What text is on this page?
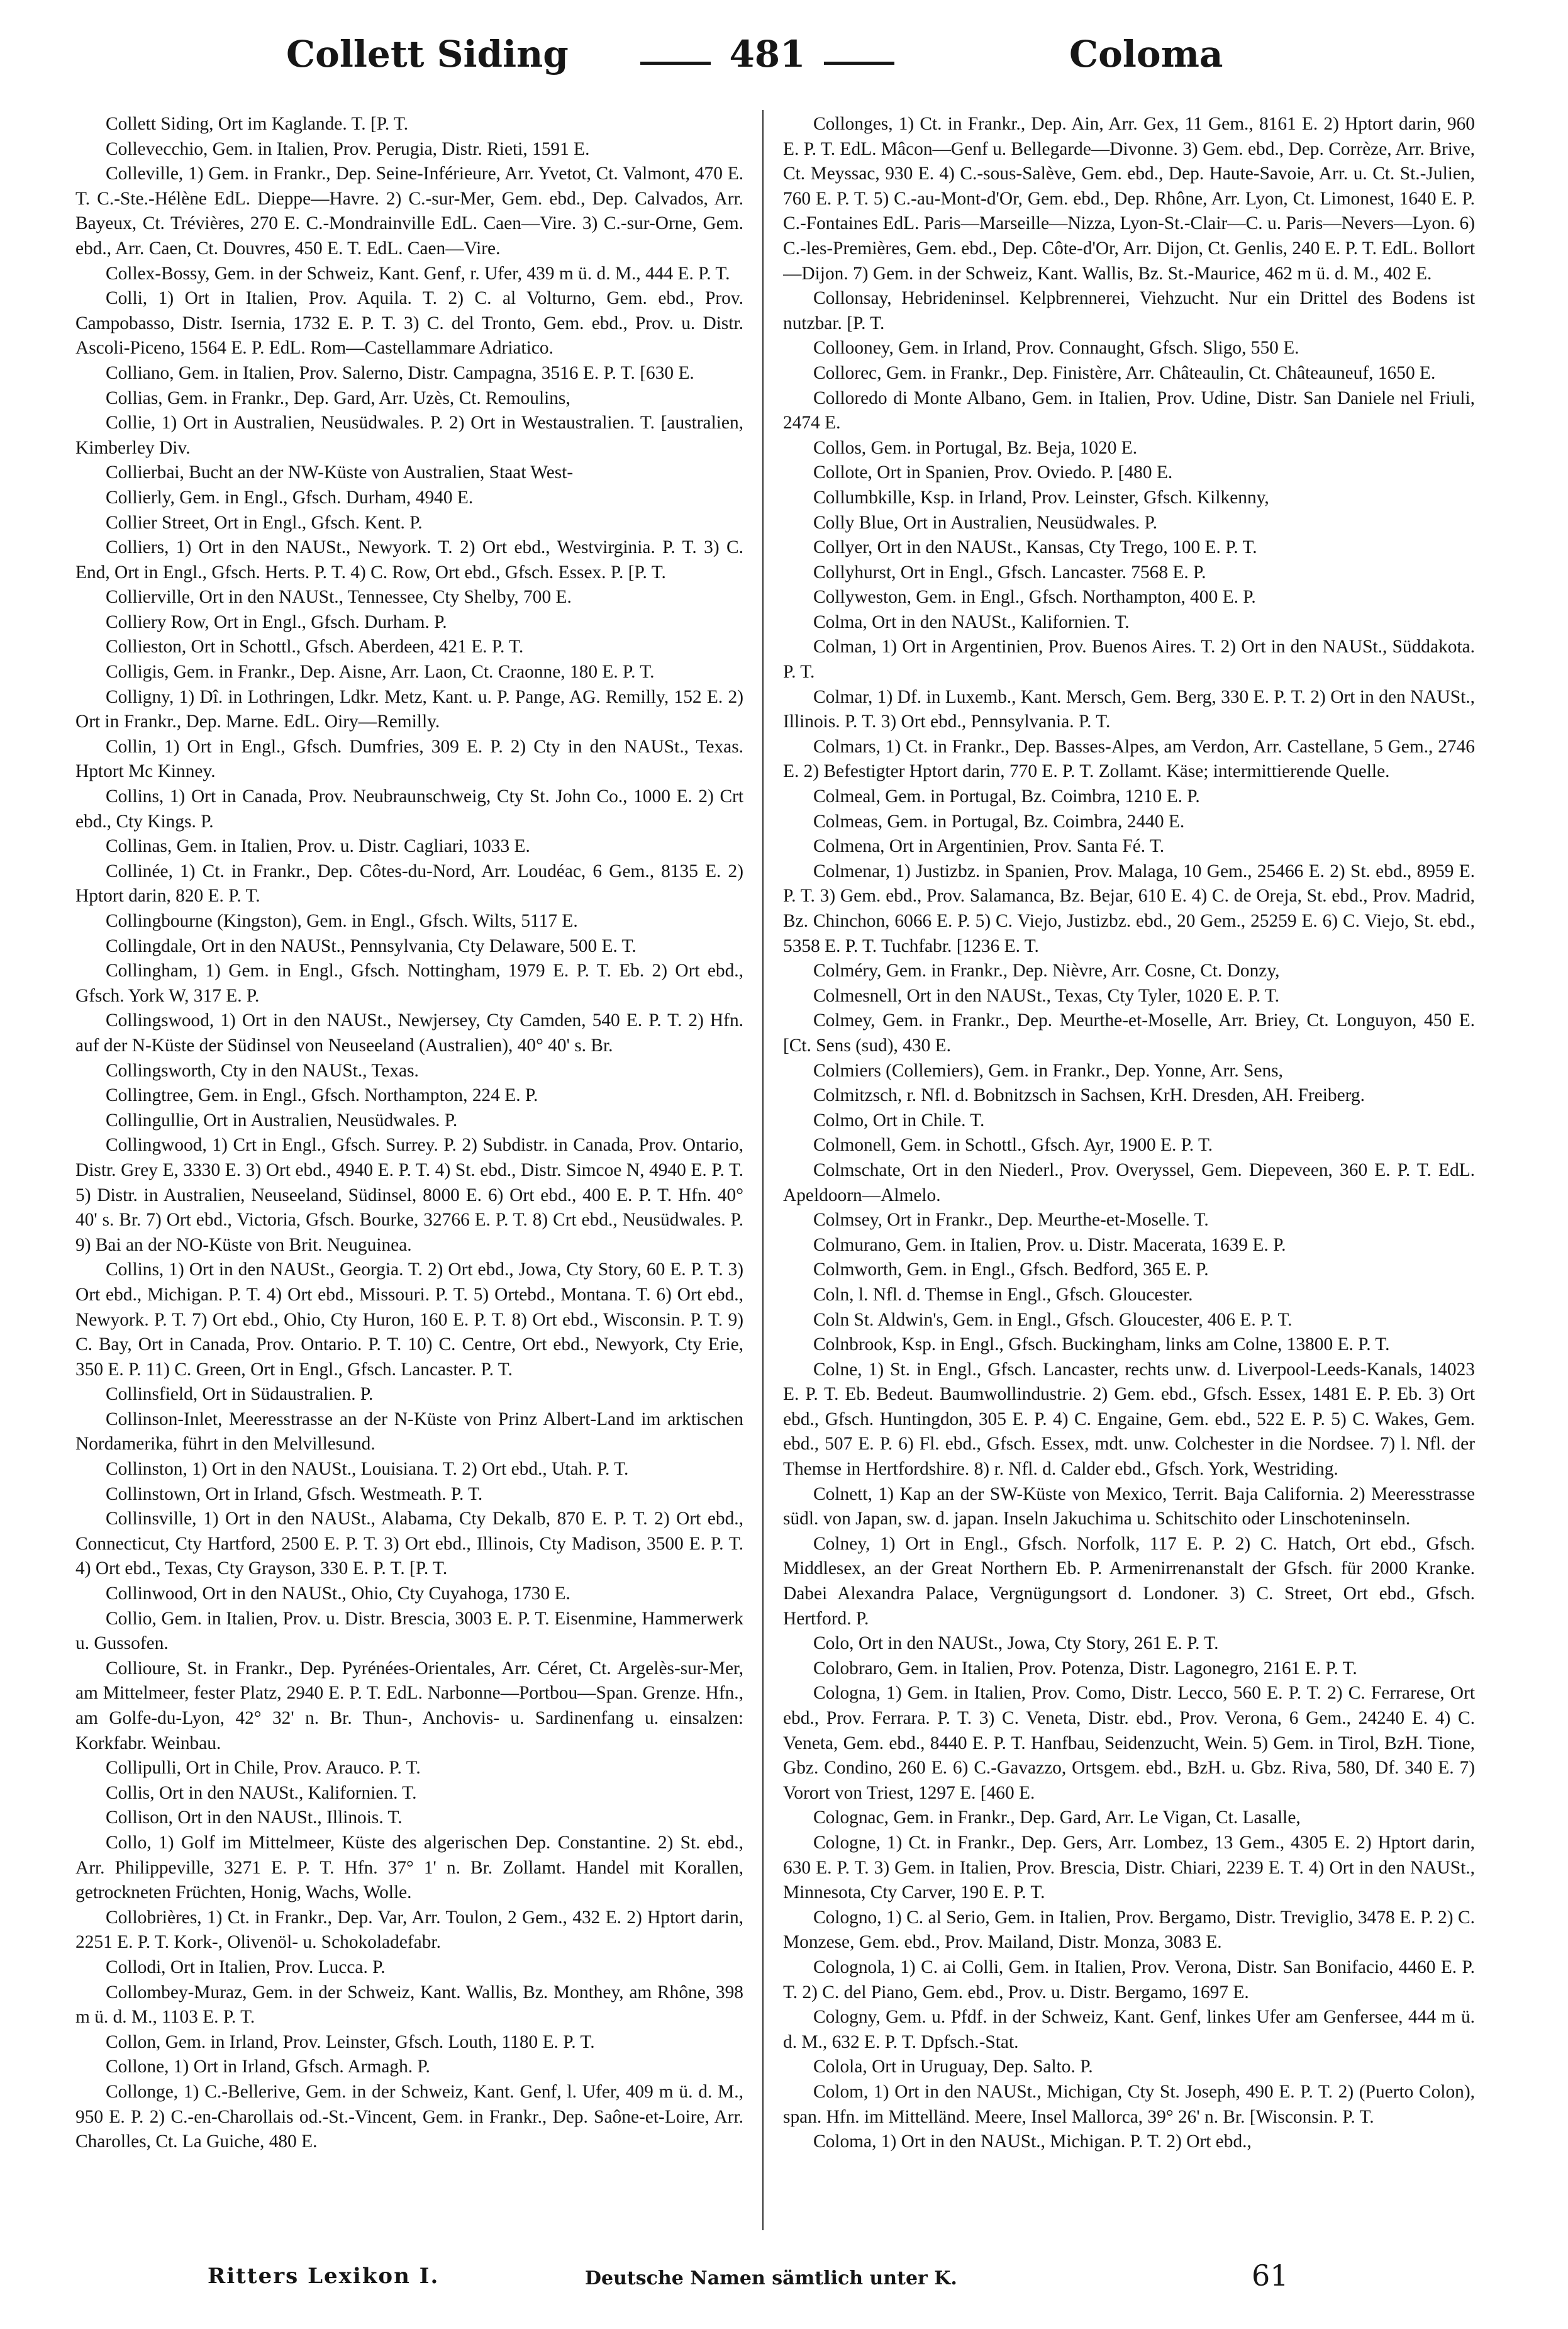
Collett Siding	481	Coloma

Collett Siding, Ort im Kaglande. T. [P. T.

Collevecchio, Gem. in Italien, Prov. Perugia, Distr. Rieti, 1591 E.

Colleville, 1) Gem. in Frankr., Dep. Seine-Inférieure, Arr. Yvetot, Ct. Valmont, 470 E. T. C.-Ste.-Hélène EdL. Dieppe—Havre. 2) C.-sur-Mer, Gem. ebd., Dep. Calvados, Arr. Bayeux, Ct. Trévières, 270 E. C.-Mondrainville EdL. Caen—Vire. 3) C.-sur-Orne, Gem. ebd., Arr. Caen, Ct. Douvres, 450 E. T. EdL. Caen—Vire.

Collex-Bossy, Gem. in der Schweiz, Kant. Genf, r. Ufer, 439 m ü. d. M., 444 E. P. T.

Colli, 1) Ort in Italien, Prov. Aquila. T. 2) C. al Volturno, Gem. ebd., Prov. Campobasso, Distr. Isernia, 1732 E. P. T. 3) C. del Tronto, Gem. ebd., Prov. u. Distr. Ascoli-Piceno, 1564 E. P. EdL. Rom—Castellammare Adriatico.

Colliano, Gem. in Italien, Prov. Salerno, Distr. Campagna, 3516 E. P. T. [630 E.

Collias, Gem. in Frankr., Dep. Gard, Arr. Uzès, Ct. Remoulins,

Collie, 1) Ort in Australien, Neusüdwales. P. 2) Ort in Westaustralien. T. [australien, Kimberley Div.

Collierbai, Bucht an der NW-Küste von Australien, Staat West-

Collierly, Gem. in Engl., Gfsch. Durham, 4940 E.

Collier Street, Ort in Engl., Gfsch. Kent. P.

Colliers, 1) Ort in den NAUSt., Newyork. T. 2) Ort ebd., Westvirginia. P. T. 3) C. End, Ort in Engl., Gfsch. Herts. P. T. 4) C. Row, Ort ebd., Gfsch. Essex. P. [P. T.

Collierville, Ort in den NAUSt., Tennessee, Cty Shelby, 700 E.

Colliery Row, Ort in Engl., Gfsch. Durham. P.

Collieston, Ort in Schottl., Gfsch. Aberdeen, 421 E. P. T.

Colligis, Gem. in Frankr., Dep. Aisne, Arr. Laon, Ct. Craonne, 180 E. P. T.

Colligny, 1) Dî. in Lothringen, Ldkr. Metz, Kant. u. P. Pange, AG. Remilly, 152 E. 2) Ort in Frankr., Dep. Marne. EdL. Oiry—Remilly.

Collin, 1) Ort in Engl., Gfsch. Dumfries, 309 E. P. 2) Cty in den NAUSt., Texas. Hptort Mc Kinney.

Collins, 1) Ort in Canada, Prov. Neubraunschweig, Cty St. John Co., 1000 E. 2) Crt ebd., Cty Kings. P.

Collinas, Gem. in Italien, Prov. u. Distr. Cagliari, 1033 E.

Collinée, 1) Ct. in Frankr., Dep. Côtes-du-Nord, Arr. Loudéac, 6 Gem., 8135 E. 2) Hptort darin, 820 E. P. T.

Collingbourne (Kingston), Gem. in Engl., Gfsch. Wilts, 5117 E.

Collingdale, Ort in den NAUSt., Pennsylvania, Cty Delaware, 500 E. T.

Collingham, 1) Gem. in Engl., Gfsch. Nottingham, 1979 E. P. T. Eb. 2) Ort ebd., Gfsch. York W, 317 E. P.

Collingswood, 1) Ort in den NAUSt., Newjersey, Cty Camden, 540 E. P. T. 2) Hfn. auf der N-Küste der Südinsel von Neuseeland (Australien), 40° 40' s. Br.

Collingsworth, Cty in den NAUSt., Texas.

Collingtree, Gem. in Engl., Gfsch. Northampton, 224 E. P.

Collingullie, Ort in Australien, Neusüdwales. P.

Collingwood, 1) Crt in Engl., Gfsch. Surrey. P. 2) Subdistr. in Canada, Prov. Ontario, Distr. Grey E, 3330 E. 3) Ort ebd., 4940 E. P. T. 4) St. ebd., Distr. Simcoe N, 4940 E. P. T. 5) Distr. in Australien, Neuseeland, Südinsel, 8000 E. 6) Ort ebd., 400 E. P. T. Hfn. 40° 40' s. Br. 7) Ort ebd., Victoria, Gfsch. Bourke, 32766 E. P. T. 8) Crt ebd., Neusüdwales. P. 9) Bai an der NO-Küste von Brit. Neuguinea.

Collins, 1) Ort in den NAUSt., Georgia. T. 2) Ort ebd., Jowa, Cty Story, 60 E. P. T. 3) Ort ebd., Michigan. P. T. 4) Ort ebd., Missouri. P. T. 5) Ortebd., Montana. T. 6) Ort ebd., Newyork. P. T. 7) Ort ebd., Ohio, Cty Huron, 160 E. P. T. 8) Ort ebd., Wisconsin. P. T. 9) C. Bay, Ort in Canada, Prov. Ontario. P. T. 10) C. Centre, Ort ebd., Newyork, Cty Erie, 350 E. P. 11) C. Green, Ort in Engl., Gfsch. Lancaster. P. T.

Collinsfield, Ort in Südaustralien. P.

Collinson-Inlet, Meeresstrasse an der N-Küste von Prinz Albert-Land im arktischen Nordamerika, führt in den Melvillesund.

Collinston, 1) Ort in den NAUSt., Louisiana. T. 2) Ort ebd., Utah. P. T.

Collinstown, Ort in Irland, Gfsch. Westmeath. P. T.

Collinsville, 1) Ort in den NAUSt., Alabama, Cty Dekalb, 870 E. P. T. 2) Ort ebd., Connecticut, Cty Hartford, 2500 E. P. T. 3) Ort ebd., Illinois, Cty Madison, 3500 E. P. T. 4) Ort ebd., Texas, Cty Grayson, 330 E. P. T. [P. T.

Collinwood, Ort in den NAUSt., Ohio, Cty Cuyahoga, 1730 E.

Collio, Gem. in Italien, Prov. u. Distr. Brescia, 3003 E. P. T. Eisenmine, Hammerwerk u. Gussofen.

Collioure, St. in Frankr., Dep. Pyrénées-Orientales, Arr. Céret, Ct. Argelès-sur-Mer, am Mittelmeer, fester Platz, 2940 E. P. T. EdL. Narbonne—Portbou—Span. Grenze. Hfn., am Golfe-du-Lyon, 42° 32' n. Br. Thun-, Anchovis- u. Sardinenfang u. einsalzen: Korkfabr. Weinbau.

Collipulli, Ort in Chile, Prov. Arauco. P. T.

Collis, Ort in den NAUSt., Kalifornien. T.

Collison, Ort in den NAUSt., Illinois. T.

Collo, 1) Golf im Mittelmeer, Küste des algerischen Dep. Constantine. 2) St. ebd., Arr. Philippeville, 3271 E. P. T. Hfn. 37° 1' n. Br. Zollamt. Handel mit Korallen, getrockneten Früchten, Honig, Wachs, Wolle.

Collobrières, 1) Ct. in Frankr., Dep. Var, Arr. Toulon, 2 Gem., 432 E. 2) Hptort darin, 2251 E. P. T. Kork-, Olivenöl- u. Schokoladefabr.

Collodi, Ort in Italien, Prov. Lucca. P.

Collombey-Muraz, Gem. in der Schweiz, Kant. Wallis, Bz. Monthey, am Rhône, 398 m ü. d. M., 1103 E. P. T.

Collon, Gem. in Irland, Prov. Leinster, Gfsch. Louth, 1180 E. P. T.

Collone, 1) Ort in Irland, Gfsch. Armagh. P.

Collonge, 1) C.-Bellerive, Gem. in der Schweiz, Kant. Genf, l. Ufer, 409 m ü. d. M., 950 E. P. 2) C.-en-Charollais od.-St.-Vincent, Gem. in Frankr., Dep. Saône-et-Loire, Arr. Charolles, Ct. La Guiche, 480 E.

Collonges, 1) Ct. in Frankr., Dep. Ain, Arr. Gex, 11 Gem., 8161 E. 2) Hptort darin, 960 E. P. T. EdL. Mâcon—Genf u. Bellegarde—Divonne. 3) Gem. ebd., Dep. Corrèze, Arr. Brive, Ct. Meyssac, 930 E. 4) C.-sous-Salève, Gem. ebd., Dep. Haute-Savoie, Arr. u. Ct. St.-Julien, 760 E. P. T. 5) C.-au-Mont-d'Or, Gem. ebd., Dep. Rhône, Arr. Lyon, Ct. Limonest, 1640 E. P. C.-Fontaines EdL. Paris—Marseille—Nizza, Lyon-St.-Clair—C. u. Paris—Nevers—Lyon. 6) C.-les-Premières, Gem. ebd., Dep. Côte-d'Or, Arr. Dijon, Ct. Genlis, 240 E. P. T. EdL. Bollort—Dijon. 7) Gem. in der Schweiz, Kant. Wallis, Bz. St.-Maurice, 462 m ü. d. M., 402 E.

Collonsay, Hebrideninsel. Kelpbrennerei, Viehzucht. Nur ein Drittel des Bodens ist nutzbar. [P. T.

Collooney, Gem. in Irland, Prov. Connaught, Gfsch. Sligo, 550 E.

Collorec, Gem. in Frankr., Dep. Finistère, Arr. Châteaulin, Ct. Châteauneuf, 1650 E.

Colloredo di Monte Albano, Gem. in Italien, Prov. Udine, Distr. San Daniele nel Friuli, 2474 E.

Collos, Gem. in Portugal, Bz. Beja, 1020 E.

Collote, Ort in Spanien, Prov. Oviedo. P. [480 E.

Collumbkille, Ksp. in Irland, Prov. Leinster, Gfsch. Kilkenny,

Colly Blue, Ort in Australien, Neusüdwales. P.

Collyer, Ort in den NAUSt., Kansas, Cty Trego, 100 E. P. T.

Collyhurst, Ort in Engl., Gfsch. Lancaster. 7568 E. P.

Collyweston, Gem. in Engl., Gfsch. Northampton, 400 E. P.

Colma, Ort in den NAUSt., Kalifornien. T.

Colman, 1) Ort in Argentinien, Prov. Buenos Aires. T. 2) Ort in den NAUSt., Süddakota. P. T.

Colmar, 1) Df. in Luxemb., Kant. Mersch, Gem. Berg, 330 E. P. T. 2) Ort in den NAUSt., Illinois. P. T. 3) Ort ebd., Pennsylvania. P. T.

Colmars, 1) Ct. in Frankr., Dep. Basses-Alpes, am Verdon, Arr. Castellane, 5 Gem., 2746 E. 2) Befestigter Hptort darin, 770 E. P. T. Zollamt. Käse; intermittierende Quelle.

Colmeal, Gem. in Portugal, Bz. Coimbra, 1210 E. P.

Colmeas, Gem. in Portugal, Bz. Coimbra, 2440 E.

Colmena, Ort in Argentinien, Prov. Santa Fé. T.

Colmenar, 1) Justizbz. in Spanien, Prov. Malaga, 10 Gem., 25466 E. 2) St. ebd., 8959 E. P. T. 3) Gem. ebd., Prov. Salamanca, Bz. Bejar, 610 E. 4) C. de Oreja, St. ebd., Prov. Madrid, Bz. Chinchon, 6066 E. P. 5) C. Viejo, Justizbz. ebd., 20 Gem., 25259 E. 6) C. Viejo, St. ebd., 5358 E. P. T. Tuchfabr. [1236 E. T.

Colméry, Gem. in Frankr., Dep. Nièvre, Arr. Cosne, Ct. Donzy,

Colmesnell, Ort in den NAUSt., Texas, Cty Tyler, 1020 E. P. T.

Colmey, Gem. in Frankr., Dep. Meurthe-et-Moselle, Arr. Briey, Ct. Longuyon, 450 E. [Ct. Sens (sud), 430 E.

Colmiers (Collemiers), Gem. in Frankr., Dep. Yonne, Arr. Sens,

Colmitzsch, r. Nfl. d. Bobnitzsch in Sachsen, KrH. Dresden, AH. Freiberg.

Colmo, Ort in Chile. T.

Colmonell, Gem. in Schottl., Gfsch. Ayr, 1900 E. P. T.

Colmschate, Ort in den Niederl., Prov. Overyssel, Gem. Diepeveen, 360 E. P. T. EdL. Apeldoorn—Almelo.

Colmsey, Ort in Frankr., Dep. Meurthe-et-Moselle. T.

Colmurano, Gem. in Italien, Prov. u. Distr. Macerata, 1639 E. P.

Colmworth, Gem. in Engl., Gfsch. Bedford, 365 E. P.

Coln, l. Nfl. d. Themse in Engl., Gfsch. Gloucester.

Coln St. Aldwin's, Gem. in Engl., Gfsch. Gloucester, 406 E. P. T.

Colnbrook, Ksp. in Engl., Gfsch. Buckingham, links am Colne, 13800 E. P. T.

Colne, 1) St. in Engl., Gfsch. Lancaster, rechts unw. d. Liverpool-Leeds-Kanals, 14023 E. P. T. Eb. Bedeut. Baumwollindustrie. 2) Gem. ebd., Gfsch. Essex, 1481 E. P. Eb. 3) Ort ebd., Gfsch. Huntingdon, 305 E. P. 4) C. Engaine, Gem. ebd., 522 E. P. 5) C. Wakes, Gem. ebd., 507 E. P. 6) Fl. ebd., Gfsch. Essex, mdt. unw. Colchester in die Nordsee. 7) l. Nfl. der Themse in Hertfordshire. 8) r. Nfl. d. Calder ebd., Gfsch. York, Westriding.

Colnett, 1) Kap an der SW-Küste von Mexico, Territ. Baja California. 2) Meeresstrasse südl. von Japan, sw. d. japan. Inseln Jakuchima u. Schitschito oder Linschoteninseln.

Colney, 1) Ort in Engl., Gfsch. Norfolk, 117 E. P. 2) C. Hatch, Ort ebd., Gfsch. Middlesex, an der Great Northern Eb. P. Armenirrenanstalt der Gfsch. für 2000 Kranke. Dabei Alexandra Palace, Vergnügungsort d. Londoner. 3) C. Street, Ort ebd., Gfsch. Hertford. P.

Colo, Ort in den NAUSt., Jowa, Cty Story, 261 E. P. T.

Colobraro, Gem. in Italien, Prov. Potenza, Distr. Lagonegro, 2161 E. P. T.

Cologna, 1) Gem. in Italien, Prov. Como, Distr. Lecco, 560 E. P. T. 2) C. Ferrarese, Ort ebd., Prov. Ferrara. P. T. 3) C. Veneta, Distr. ebd., Prov. Verona, 6 Gem., 24240 E. 4) C. Veneta, Gem. ebd., 8440 E. P. T. Hanfbau, Seidenzucht, Wein. 5) Gem. in Tirol, BzH. Tione, Gbz. Condino, 260 E. 6) C.-Gavazzo, Ortsgem. ebd., BzH. u. Gbz. Riva, 580, Df. 340 E. 7) Vorort von Triest, 1297 E. [460 E.

Colognac, Gem. in Frankr., Dep. Gard, Arr. Le Vigan, Ct. Lasalle,

Cologne, 1) Ct. in Frankr., Dep. Gers, Arr. Lombez, 13 Gem., 4305 E. 2) Hptort darin, 630 E. P. T. 3) Gem. in Italien, Prov. Brescia, Distr. Chiari, 2239 E. T. 4) Ort in den NAUSt., Minnesota, Cty Carver, 190 E. P. T.

Cologno, 1) C. al Serio, Gem. in Italien, Prov. Bergamo, Distr. Treviglio, 3478 E. P. 2) C. Monzese, Gem. ebd., Prov. Mailand, Distr. Monza, 3083 E.

Colognola, 1) C. ai Colli, Gem. in Italien, Prov. Verona, Distr. San Bonifacio, 4460 E. P. T. 2) C. del Piano, Gem. ebd., Prov. u. Distr. Bergamo, 1697 E.

Cologny, Gem. u. Pfdf. in der Schweiz, Kant. Genf, linkes Ufer am Genfersee, 444 m ü. d. M., 632 E. P. T. Dpfsch.-Stat.

Colola, Ort in Uruguay, Dep. Salto. P.

Colom, 1) Ort in den NAUSt., Michigan, Cty St. Joseph, 490 E. P. T. 2) (Puerto Colon), span. Hfn. im Mittelländ. Meere, Insel Mallorca, 39° 26' n. Br. [Wisconsin. P. T.

Coloma, 1) Ort in den NAUSt., Michigan. P. T. 2) Ort ebd.,

Ritters Lexikon I.	Deutsche Namen sämtlich unter K.	61
